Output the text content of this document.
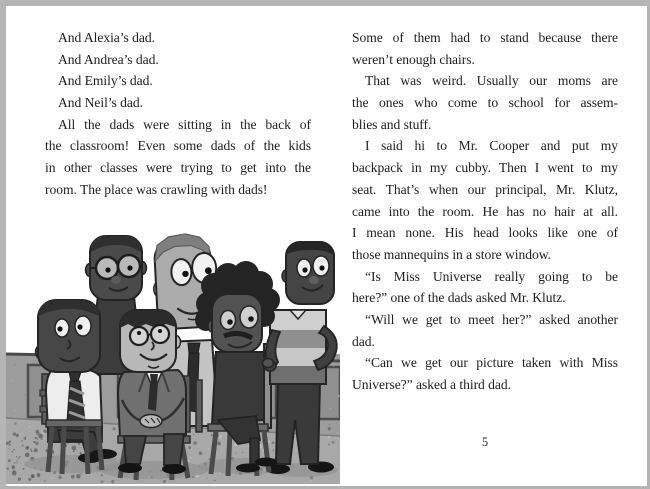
And Alexia’s dad.
And Andrea’s dad.
And Emily’s dad.
And Neil’s dad.
All the dads were sitting in the back of
the classroom! Even some dads of the kids
in other classes were trying to get into the
room. The place was crawling with dads!
Some of them had to stand because there
weren’t enough chairs.
That was weird. Usually our moms are
the ones who come to school for assem-
blies and stuff.
I said hi to Mr. Cooper and put my
backpack in my cubby. Then I went to my
seat. That’s when our principal, Mr. Klutz,
came into the room. He has no hair at all.
I mean none. His head looks like one of
those mannequins in a store window.
“Is Miss Universe really going to be
here?” one of the dads asked Mr. Klutz.
“Will we get to meet her?” asked another
dad.
“Can we get our picture taken with Miss
Universe?” asked a third dad.
5
